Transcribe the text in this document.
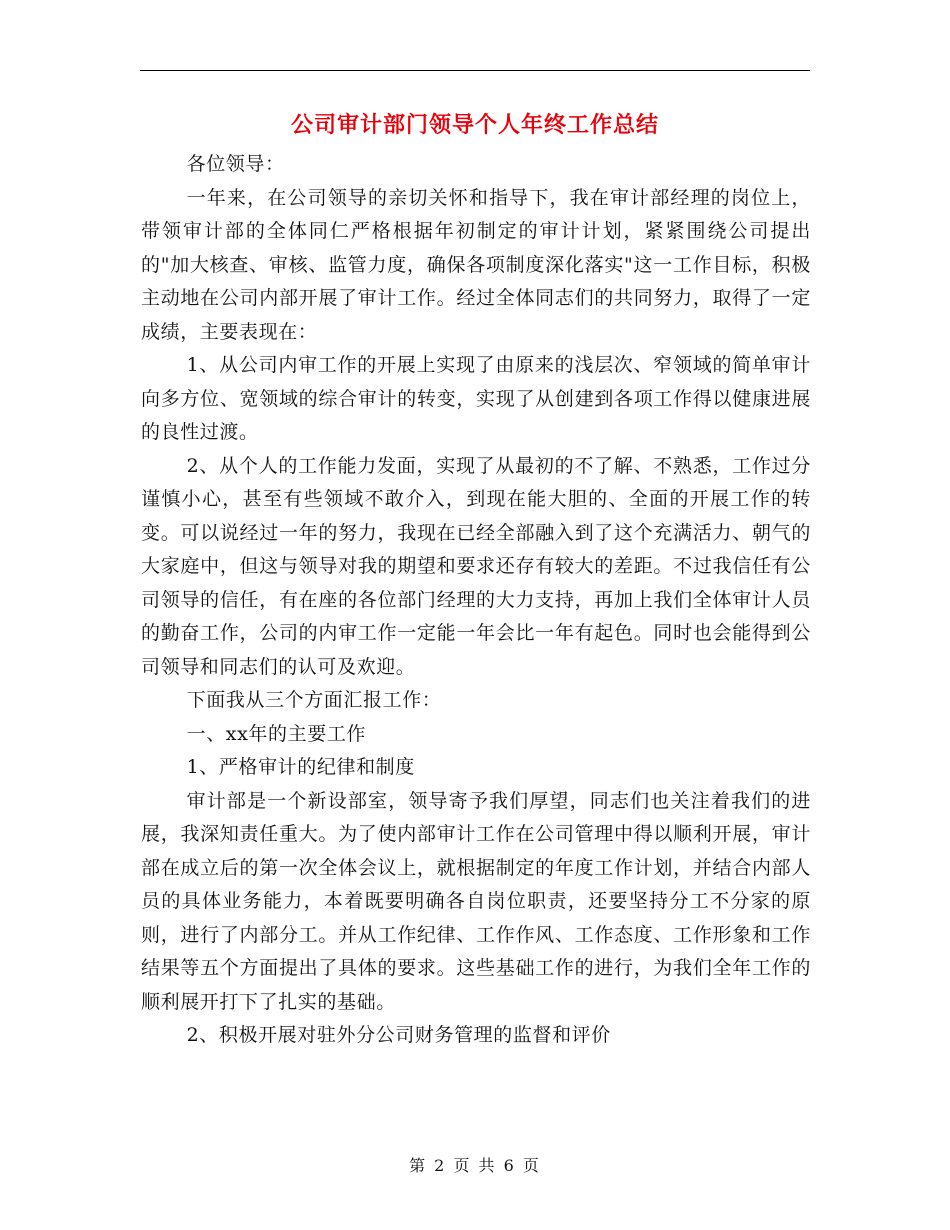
公司审计部门领导个人年终工作总结

各位领导：

一年来，在公司领导的亲切关怀和指导下，我在审计部经理的岗位上，带领审计部的全体同仁严格根据年初制定的审计计划，紧紧围绕公司提出的"加大核查、审核、监管力度，确保各项制度深化落实"这一工作目标，积极主动地在公司内部开展了审计工作。经过全体同志们的共同努力，取得了一定成绩，主要表现在：

1、从公司内审工作的开展上实现了由原来的浅层次、窄领域的简单审计向多方位、宽领域的综合审计的转变，实现了从创建到各项工作得以健康进展的良性过渡。

2、从个人的工作能力发面，实现了从最初的不了解、不熟悉，工作过分谨慎小心，甚至有些领域不敢介入，到现在能大胆的、全面的开展工作的转变。可以说经过一年的努力，我现在已经全部融入到了这个充满活力、朝气的大家庭中，但这与领导对我的期望和要求还存有较大的差距。不过我信任有公司领导的信任，有在座的各位部门经理的大力支持，再加上我们全体审计人员的勤奋工作，公司的内审工作一定能一年会比一年有起色。同时也会能得到公司领导和同志们的认可及欢迎。

下面我从三个方面汇报工作：

一、xx年的主要工作

1、严格审计的纪律和制度

审计部是一个新设部室，领导寄予我们厚望，同志们也关注着我们的进展，我深知责任重大。为了使内部审计工作在公司管理中得以顺利开展，审计部在成立后的第一次全体会议上，就根据制定的年度工作计划，并结合内部人员的具体业务能力，本着既要明确各自岗位职责，还要坚持分工不分家的原则，进行了内部分工。并从工作纪律、工作作风、工作态度、工作形象和工作结果等五个方面提出了具体的要求。这些基础工作的进行，为我们全年工作的顺利展开打下了扎实的基础。

2、积极开展对驻外分公司财务管理的监督和评价

第 2 页 共 6 页
